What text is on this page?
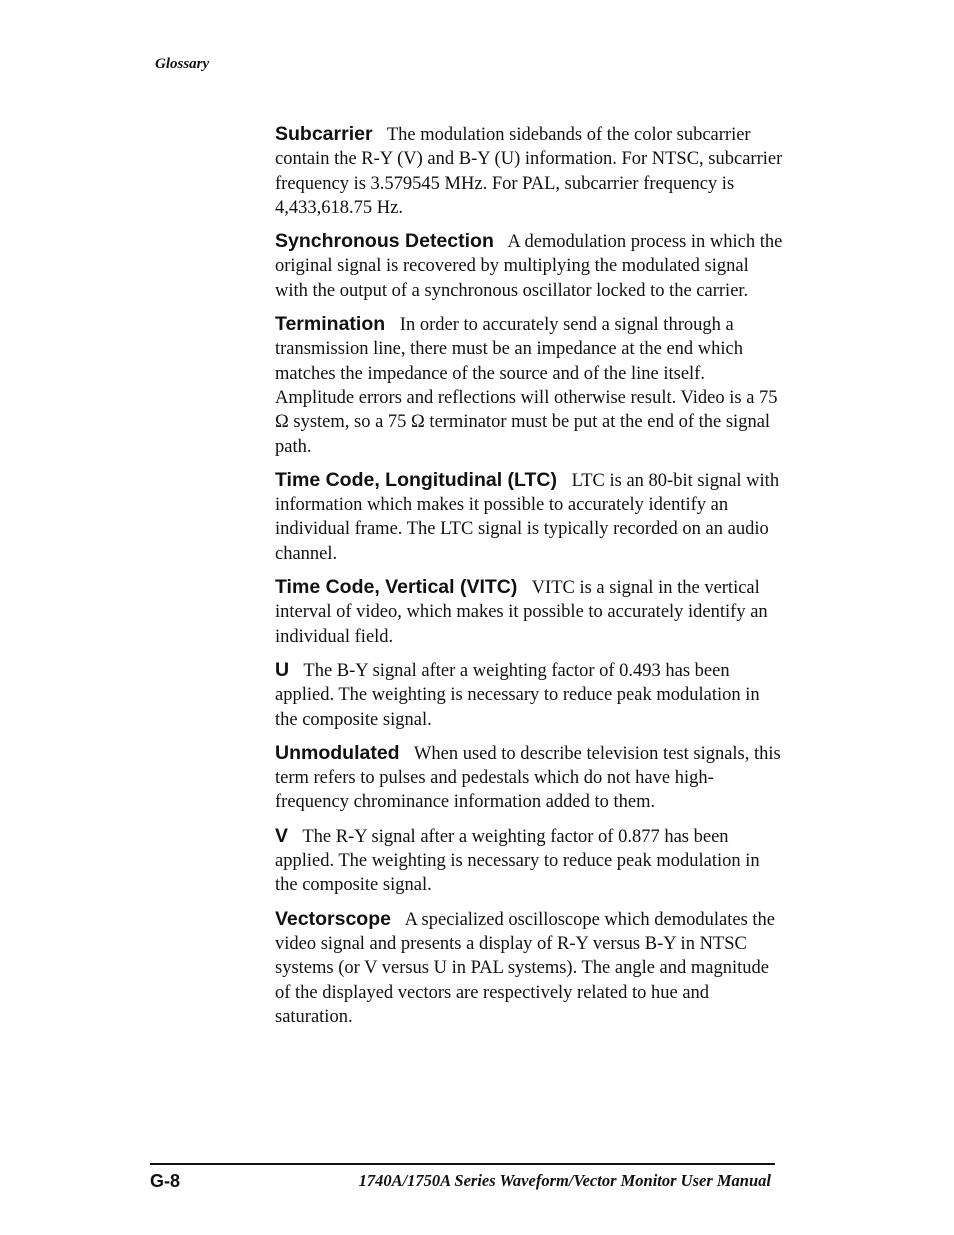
Glossary

Subcarrier The modulation sidebands of the color subcarrier contain the R-Y (V) and B-Y (U) information. For NTSC, subcarrier frequency is 3.579545 MHz. For PAL, subcarrier frequency is 4,433,618.75 Hz.

Synchronous Detection A demodulation process in which the original signal is recovered by multiplying the modulated signal with the output of a synchronous oscillator locked to the carrier.

Termination In order to accurately send a signal through a transmission line, there must be an impedance at the end which matches the impedance of the source and of the line itself. Amplitude errors and reflections will otherwise result. Video is a 75 Ω system, so a 75 Ω terminator must be put at the end of the signal path.

Time Code, Longitudinal (LTC) LTC is an 80-bit signal with information which makes it possible to accurately identify an individual frame. The LTC signal is typically recorded on an audio channel.

Time Code, Vertical (VITC) VITC is a signal in the vertical interval of video, which makes it possible to accurately identify an individual field.

U The B-Y signal after a weighting factor of 0.493 has been applied. The weighting is necessary to reduce peak modulation in the composite signal.

Unmodulated When used to describe television test signals, this term refers to pulses and pedestals which do not have high-frequency chrominance information added to them.

V The R-Y signal after a weighting factor of 0.877 has been applied. The weighting is necessary to reduce peak modulation in the composite signal.

Vectorscope A specialized oscilloscope which demodulates the video signal and presents a display of R-Y versus B-Y in NTSC systems (or V versus U in PAL systems). The angle and magnitude of the displayed vectors are respectively related to hue and saturation.

G-8	1740A/1750A Series Waveform/Vector Monitor User Manual
